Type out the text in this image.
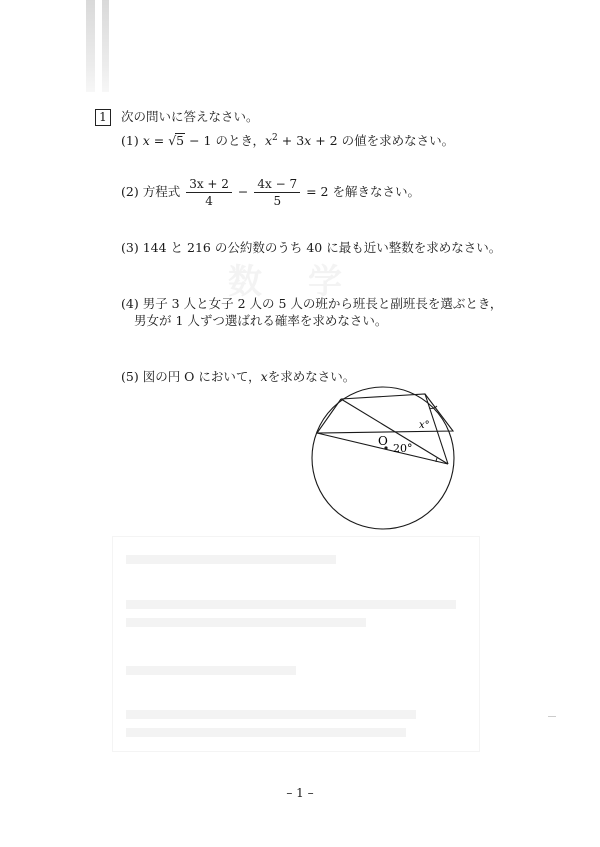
数学
1	次の問いに答えなさい。
(1) x = √5 − 1 のとき，$x^2 + 3x + 2$ の値を求めなさい。
(2) 方程式 $\frac{3x + 2}{4} - \frac{4x - 7}{5} = 2$ を解きなさい。
(3) 144 と 216 の公約数のうち 40 に最も近い整数を求めなさい。
(4) 男子 3 人と女子 2 人の 5 人の班から班長と副班長を選ぶとき，
男女が 1 人ずつ選ばれる確率を求めなさい。
(5) 図の円 O において，xを求めなさい。
O
20°
x°
– 1 –
